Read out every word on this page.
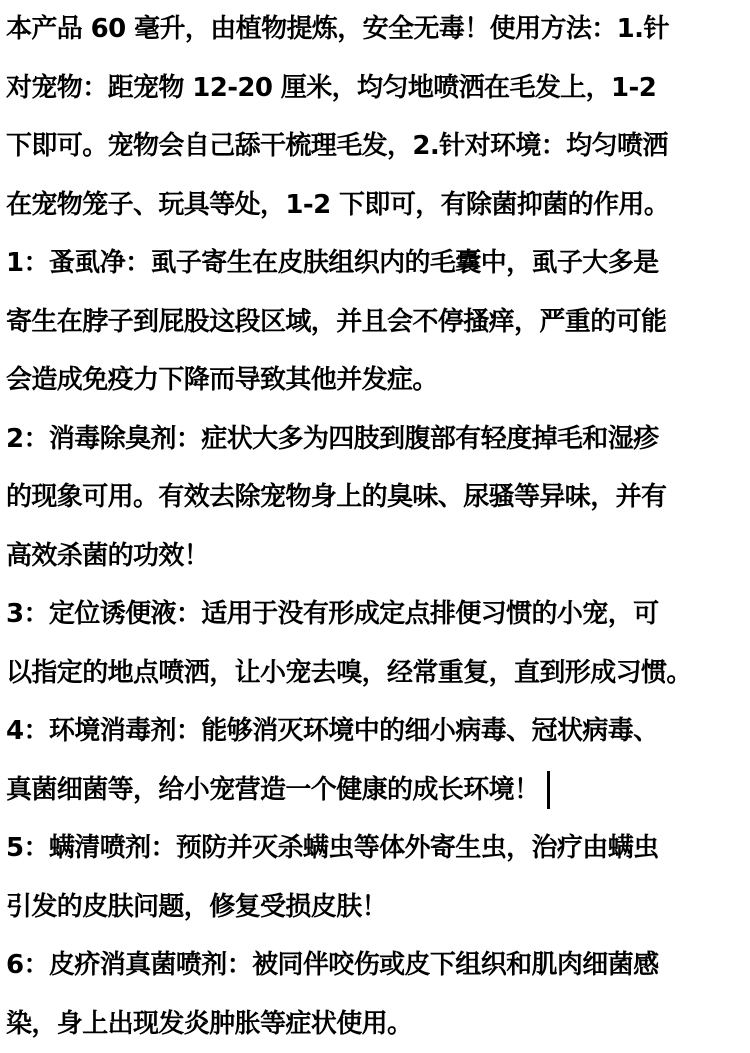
本产品 60 毫升，由植物提炼，安全无毒！使用方法：1.针
对宠物：距宠物 12-20 厘米，均匀地喷洒在毛发上，1-2
下即可。宠物会自己舔干梳理毛发，2.针对环境：均匀喷洒
在宠物笼子、玩具等处，1-2 下即可，有除菌抑菌的作用。
1：蚤虱净：虱子寄生在皮肤组织内的毛囊中，虱子大多是
寄生在脖子到屁股这段区域，并且会不停搔痒，严重的可能
会造成免疫力下降而导致其他并发症。
2：消毒除臭剂：症状大多为四肢到腹部有轻度掉毛和湿疹
的现象可用。有效去除宠物身上的臭味、尿骚等异味，并有
高效杀菌的功效！
3：定位诱便液：适用于没有形成定点排便习惯的小宠，可
以指定的地点喷洒，让小宠去嗅，经常重复，直到形成习惯。
4：环境消毒剂：能够消灭环境中的细小病毒、冠状病毒、
真菌细菌等，给小宠营造一个健康的成长环境！
5：螨清喷剂：预防并灭杀螨虫等体外寄生虫，治疗由螨虫
引发的皮肤问题，修复受损皮肤！
6：皮疥消真菌喷剂：被同伴咬伤或皮下组织和肌肉细菌感
染，身上出现发炎肿胀等症状使用。
